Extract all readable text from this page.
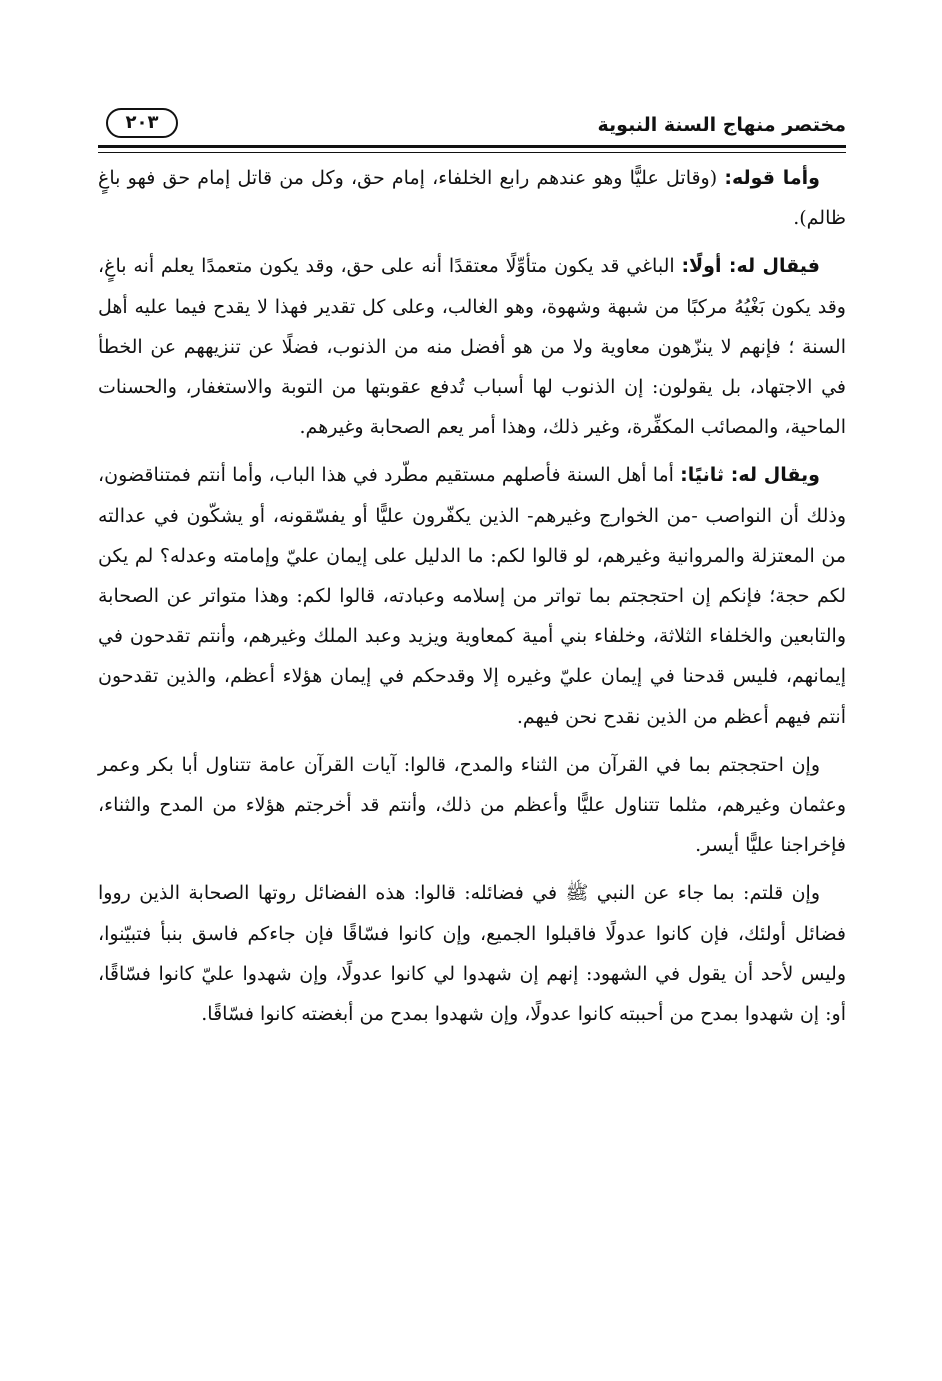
مختصر منهاج السنة النبوية
٢٠٣

وأما قوله: (وقاتل عليًّا وهو عندهم رابع الخلفاء، إمام حق، وكل من قاتل إمام حق فهو باغٍ ظالم).

فيقال له: أولًا: الباغي قد يكون متأوِّلًا معتقدًا أنه على حق، وقد يكون متعمدًا يعلم أنه باغٍ، وقد يكون بَغْيُهُ مركبًا من شبهة وشهوة، وهو الغالب، وعلى كل تقدير فهذا لا يقدح فيما عليه أهل السنة ؛ فإنهم لا ينزّهون معاوية ولا من هو أفضل منه من الذنوب، فضلًا عن تنزيههم عن الخطأ في الاجتهاد، بل يقولون: إن الذنوب لها أسباب تُدفع عقوبتها من التوبة والاستغفار، والحسنات الماحية، والمصائب المكفِّرة، وغير ذلك، وهذا أمر يعم الصحابة وغيرهم.

ويقال له: ثانيًا: أما أهل السنة فأصلهم مستقيم مطّرد في هذا الباب، وأما أنتم فمتناقضون، وذلك أن النواصب -من الخوارج وغيرهم- الذين يكفّرون عليًّا أو يفسّقونه، أو يشكّون في عدالته من المعتزلة والمروانية وغيرهم، لو قالوا لكم: ما الدليل على إيمان عليّ وإمامته وعدله؟ لم يكن لكم حجة؛ فإنكم إن احتججتم بما تواتر من إسلامه وعبادته، قالوا لكم: وهذا متواتر عن الصحابة والتابعين والخلفاء الثلاثة، وخلفاء بني أمية كمعاوية ويزيد وعبد الملك وغيرهم، وأنتم تقدحون في إيمانهم، فليس قدحنا في إيمان عليّ وغيره إلا وقدحكم في إيمان هؤلاء أعظم، والذين تقدحون أنتم فيهم أعظم من الذين نقدح نحن فيهم.

وإن احتججتم بما في القرآن من الثناء والمدح، قالوا: آيات القرآن عامة تتناول أبا بكر وعمر وعثمان وغيرهم، مثلما تتناول عليًّا وأعظم من ذلك، وأنتم قد أخرجتم هؤلاء من المدح والثناء، فإخراجنا عليًّا أيسر.

وإن قلتم: بما جاء عن النبي ﷺ في فضائله: قالوا: هذه الفضائل روتها الصحابة الذين رووا فضائل أولئك، فإن كانوا عدولًا فاقبلوا الجميع، وإن كانوا فسّاقًا فإن جاءكم فاسق بنبأ فتبيّنوا، وليس لأحد أن يقول في الشهود: إنهم إن شهدوا لي كانوا عدولًا، وإن شهدوا عليّ كانوا فسّاقًا، أو: إن شهدوا بمدح من أحببته كانوا عدولًا، وإن شهدوا بمدح من أبغضته كانوا فسّاقًا.
